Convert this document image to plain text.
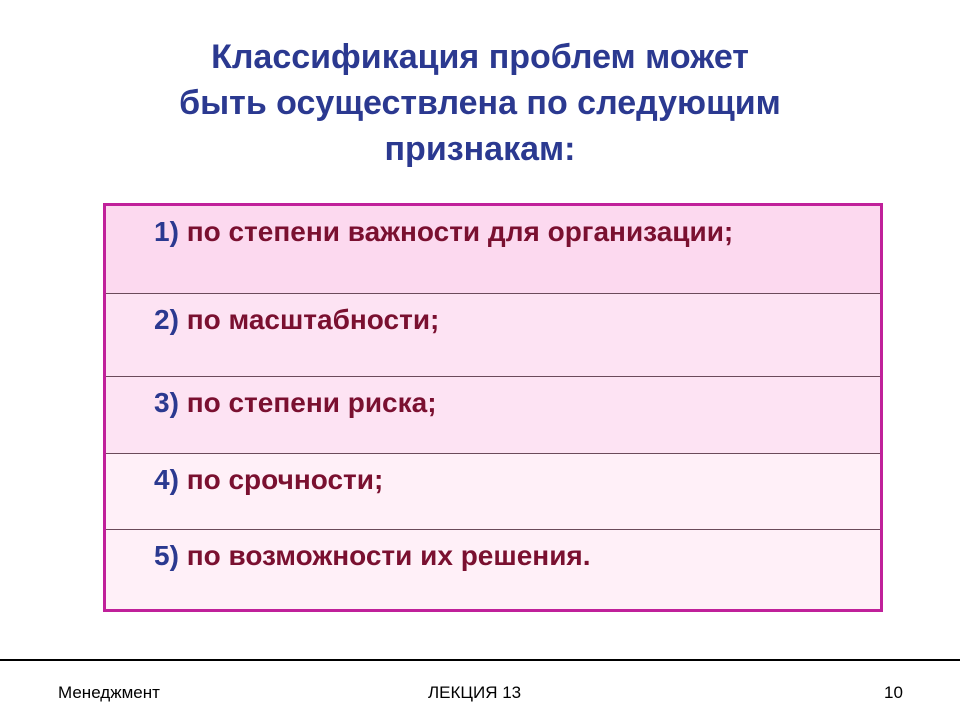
Классификация проблем может
быть осуществлена по следующим
признакам:
1) по степени важности для организации;
2) по масштабности;
3) по степени риска;
4) по срочности;
5) по возможности их решения.
Менеджмент	ЛЕКЦИЯ 13	10
